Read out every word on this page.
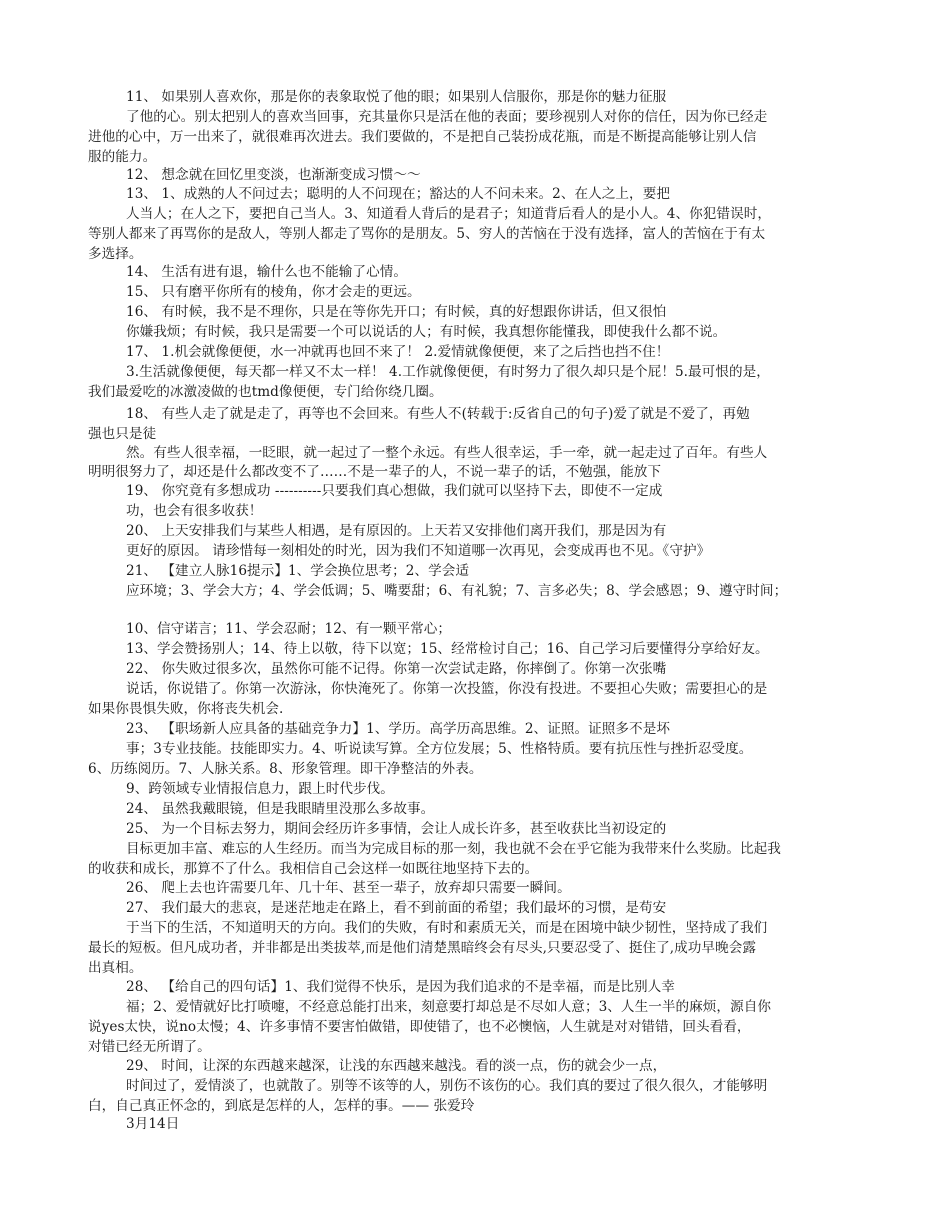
11、 如果别人喜欢你，那是你的表象取悦了他的眼；如果别人信服你，那是你的魅力征服
了他的心。别太把别人的喜欢当回事，充其量你只是活在他的表面；要珍视别人对你的信任，因为你已经走
进他的心中，万一出来了，就很难再次进去。我们要做的，不是把自己装扮成花瓶，而是不断提高能够让别人信
服的能力。
12、 想念就在回忆里变淡，也渐渐变成习惯～～
13、 1、成熟的人不问过去；聪明的人不问现在；豁达的人不问未来。2、在人之上，要把
人当人；在人之下，要把自己当人。3、知道看人背后的是君子；知道背后看人的是小人。4、你犯错误时，
等别人都来了再骂你的是敌人，等别人都走了骂你的是朋友。5、穷人的苦恼在于没有选择，富人的苦恼在于有太
多选择。
14、 生活有进有退，输什么也不能输了心情。
15、 只有磨平你所有的棱角，你才会走的更远。
16、 有时候，我不是不理你，只是在等你先开口；有时候，真的好想跟你讲话，但又很怕
你嫌我烦；有时候，我只是需要一个可以说话的人；有时候，我真想你能懂我，即使我什么都不说。
17、 1.机会就像便便，水一冲就再也回不来了！ 2.爱情就像便便，来了之后挡也挡不住！
3.生活就像便便，每天都一样又不太一样！ 4.工作就像便便，有时努力了很久却只是个屁！5.最可恨的是，
我们最爱吃的冰激凌做的也tmd像便便，专门给你绕几圈。
18、 有些人走了就是走了，再等也不会回来。有些人不(转载于:反省自己的句子)爱了就是不爱了，再勉
强也只是徒
然。有些人很幸福，一眨眼，就一起过了一整个永远。有些人很幸运，手一牵，就一起走过了百年。有些人
明明很努力了，却还是什么都改变不了……不是一辈子的人，不说一辈子的话，不勉强，能放下
19、 你究竟有多想成功 ----------只要我们真心想做，我们就可以坚持下去，即使不一定成
功，也会有很多收获！
20、 上天安排我们与某些人相遇，是有原因的。上天若又安排他们离开我们，那是因为有
更好的原因。 请珍惜每一刻相处的时光，因为我们不知道哪一次再见，会变成再也不见。《守护》
21、 【建立人脉16提示】1、学会换位思考；2、学会适
应环境；3、学会大方；4、学会低调；5、嘴要甜；6、有礼貌；7、言多必失；8、学会感恩；9、遵守时间；
10、信守诺言；11、学会忍耐；12、有一颗平常心；
13、学会赞扬别人；14、待上以敬，待下以宽；15、经常检讨自己；16、自己学习后要懂得分享给好友。
22、 你失败过很多次，虽然你可能不记得。你第一次尝试走路，你摔倒了。你第一次张嘴
说话，你说错了。你第一次游泳，你快淹死了。你第一次投篮，你没有投进。不要担心失败；需要担心的是
如果你畏惧失败，你将丧失机会.
23、 【职场新人应具备的基础竞争力】1、学历。高学历高思维。2、证照。证照多不是坏
事；3专业技能。技能即实力。4、听说读写算。全方位发展；5、性格特质。要有抗压性与挫折忍受度。
6、历练阅历。7、人脉关系。8、形象管理。即干净整洁的外表。
9、跨领域专业情报信息力，跟上时代步伐。
24、 虽然我戴眼镜，但是我眼睛里没那么多故事。
25、 为一个目标去努力，期间会经历许多事情，会让人成长许多，甚至收获比当初设定的
目标更加丰富、难忘的人生经历。而当为完成目标的那一刻，我也就不会在乎它能为我带来什么奖励。比起我
的收获和成长，那算不了什么。我相信自己会这样一如既往地坚持下去的。
26、 爬上去也许需要几年、几十年、甚至一辈子，放弃却只需要一瞬间。
27、 我们最大的悲哀，是迷茫地走在路上，看不到前面的希望；我们最坏的习惯，是苟安
于当下的生活，不知道明天的方向。我们的失败，有时和素质无关，而是在困境中缺少韧性，坚持成了我们
最长的短板。但凡成功者，并非都是出类拔萃,而是他们清楚黑暗终会有尽头,只要忍受了、挺住了,成功早晚会露
出真相。
28、 【给自己的四句话】1、我们觉得不快乐，是因为我们追求的不是幸福，而是比别人幸
福；2、爱情就好比打喷嚏，不经意总能打出来，刻意要打却总是不尽如人意；3、人生一半的麻烦，源自你
说yes太快，说no太慢；4、许多事情不要害怕做错，即使错了，也不必懊恼，人生就是对对错错，回头看看，
对错已经无所谓了。
29、 时间，让深的东西越来越深，让浅的东西越来越浅。看的淡一点，伤的就会少一点，
时间过了，爱情淡了，也就散了。别等不该等的人，别伤不该伤的心。我们真的要过了很久很久，才能够明
白，自己真正怀念的，到底是怎样的人，怎样的事。—— 张爱玲
3月14日
